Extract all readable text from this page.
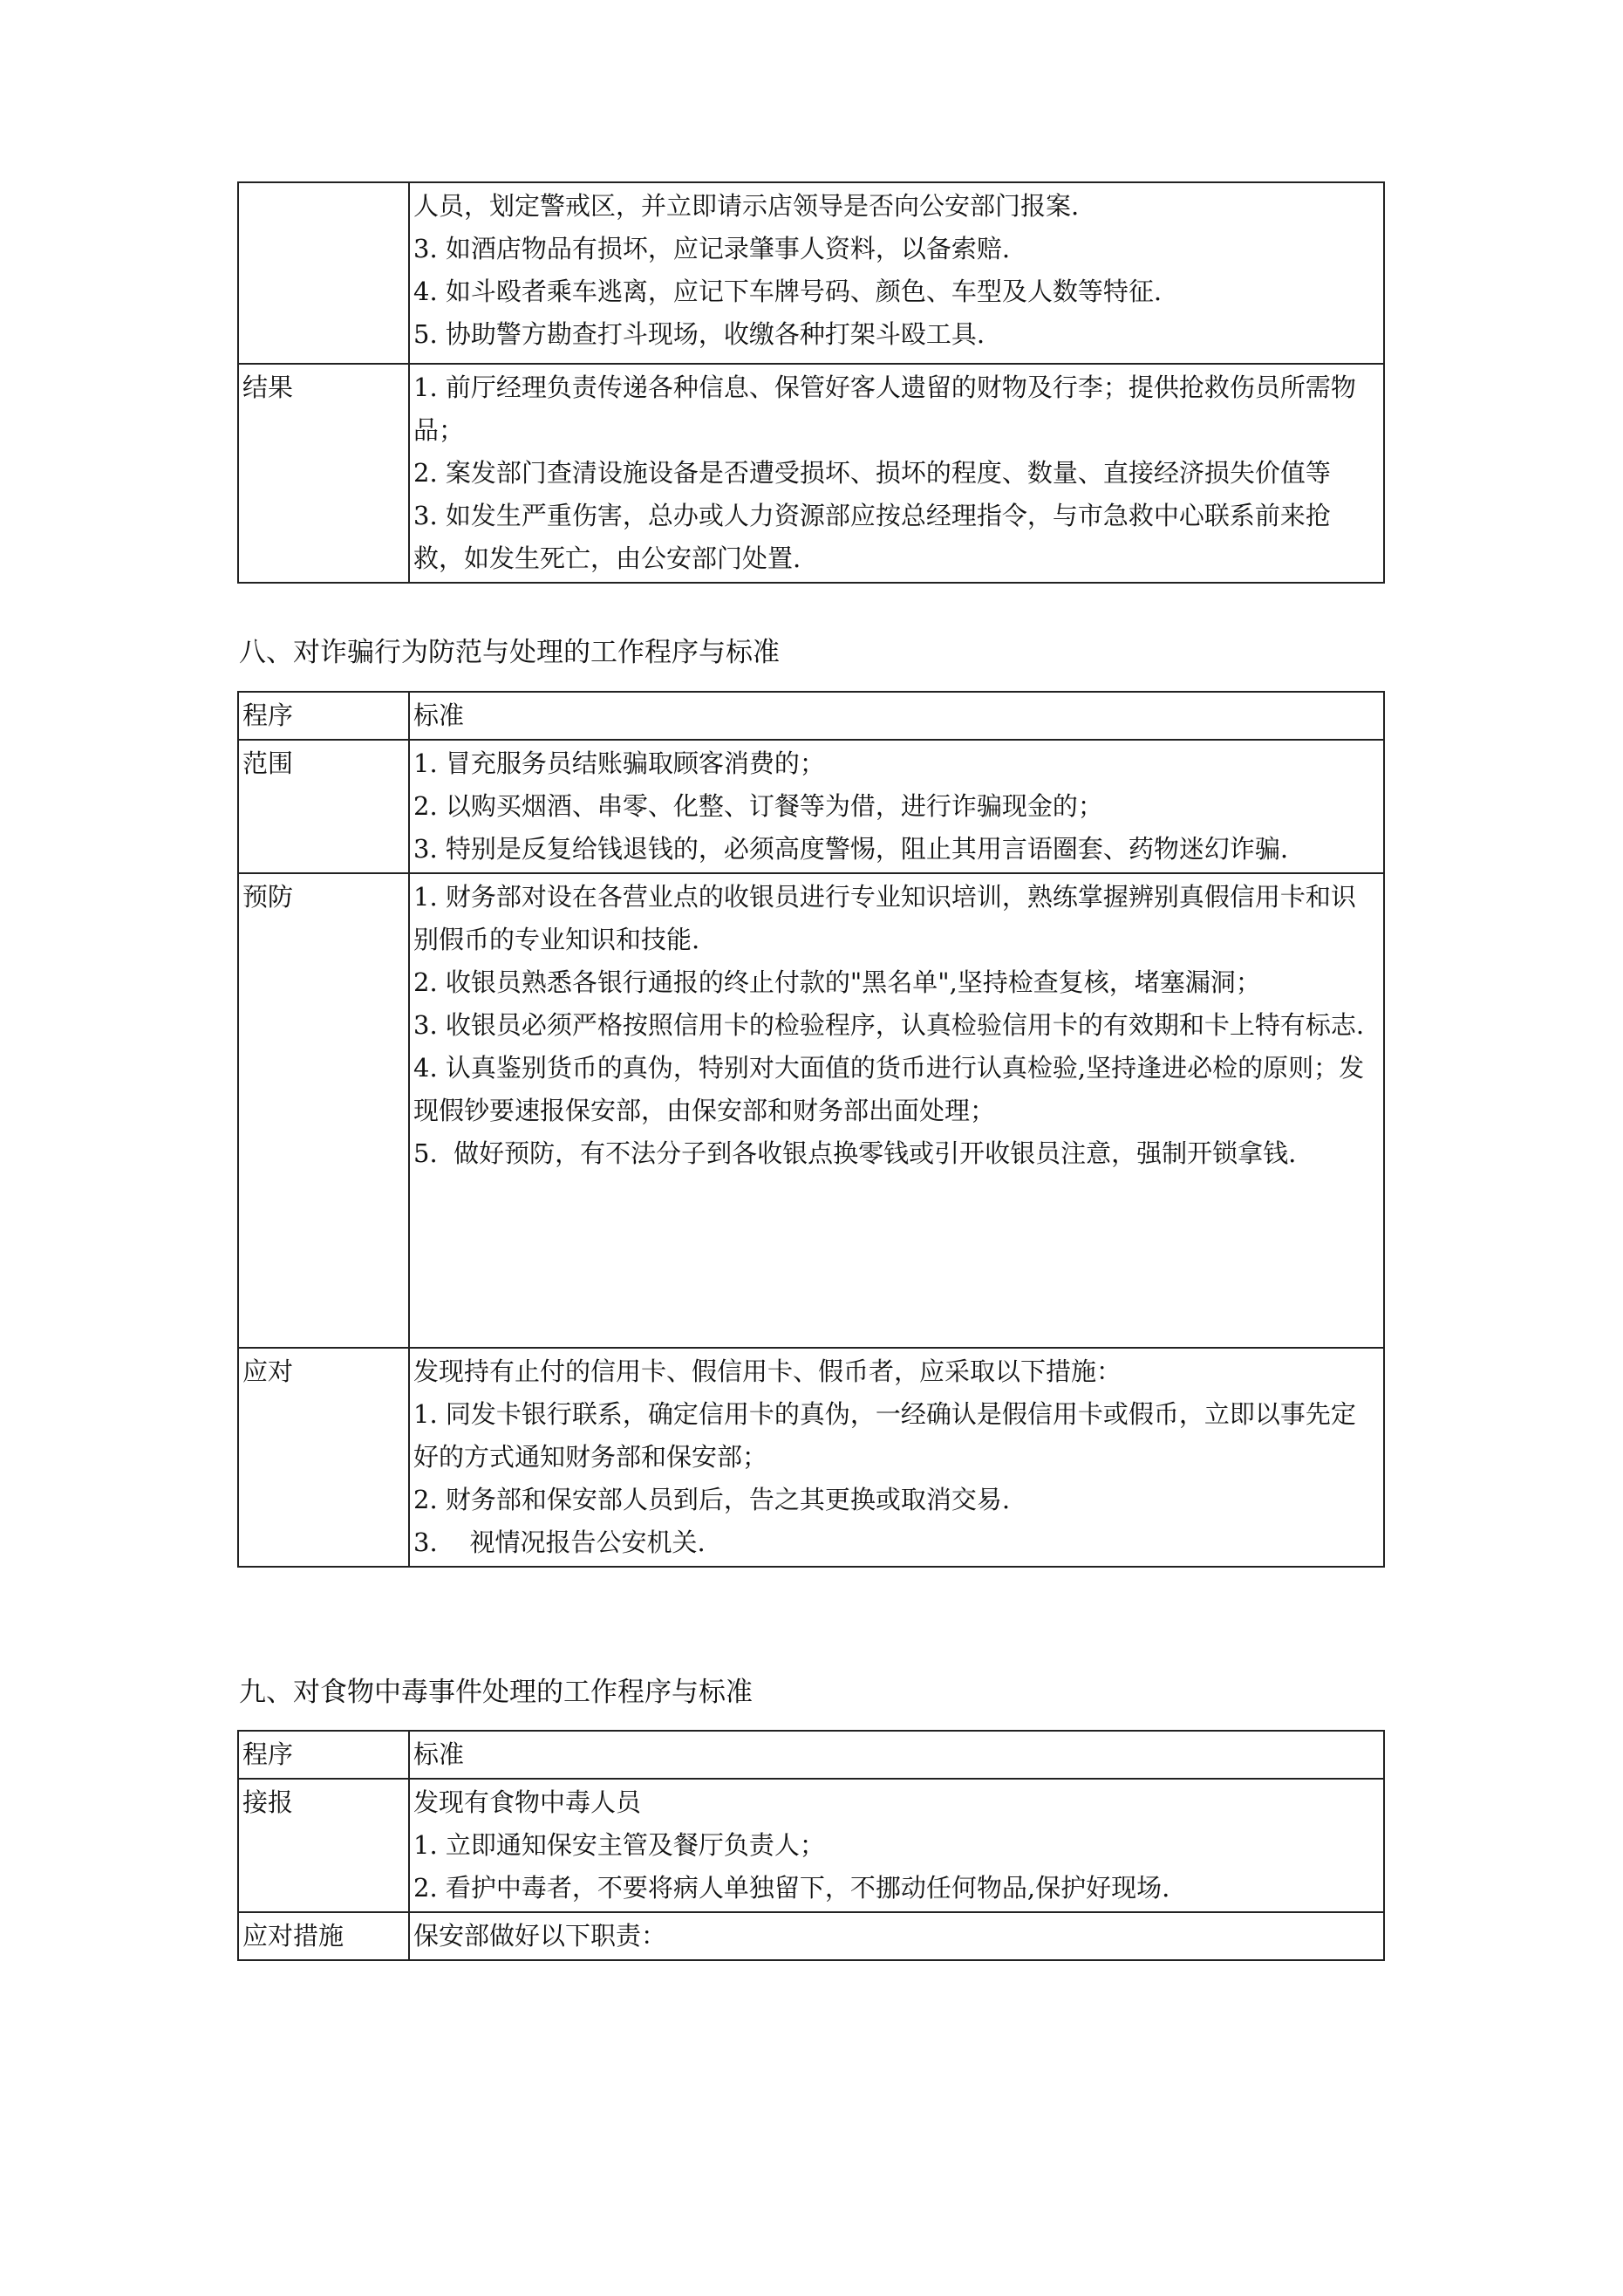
	人员，划定警戒区，并立即请示店领导是否向公安部门报案.
3. 如酒店物品有损坏，应记录肇事人资料，以备索赔.
4. 如斗殴者乘车逃离，应记下车牌号码、颜色、车型及人数等特征.
5. 协助警方勘查打斗现场，收缴各种打架斗殴工具.

结果	1. 前厅经理负责传递各种信息、保管好客人遗留的财物及行李；提供抢救伤员所需物品；
2. 案发部门查清设施设备是否遭受损坏、损坏的程度、数量、直接经济损失价值等
3. 如发生严重伤害，总办或人力资源部应按总经理指令，与市急救中心联系前来抢救，如发生死亡，由公安部门处置.
八、对诈骗行为防范与处理的工作程序与标准
程序	标准
范围	1. 冒充服务员结账骗取顾客消费的；
2. 以购买烟酒、串零、化整、订餐等为借，进行诈骗现金的；
3. 特别是反复给钱退钱的，必须高度警惕，阻止其用言语圈套、药物迷幻诈骗.

预防	1. 财务部对设在各营业点的收银员进行专业知识培训，熟练掌握辨别真假信用卡和识别假币的专业知识和技能.
2. 收银员熟悉各银行通报的终止付款的"黑名单",坚持检查复核，堵塞漏洞；
3. 收银员必须严格按照信用卡的检验程序，认真检验信用卡的有效期和卡上特有标志.
4. 认真鉴别货币的真伪，特别对大面值的货币进行认真检验,坚持逢进必检的原则；发现假钞要速报保安部，由保安部和财务部出面处理；
5.  做好预防，有不法分子到各收银点换零钱或引开收银员注意，强制开锁拿钱.

应对	发现持有止付的信用卡、假信用卡、假币者，应采取以下措施：
1. 同发卡银行联系，确定信用卡的真伪，一经确认是假信用卡或假币，立即以事先定好的方式通知财务部和保安部；
2. 财务部和保安部人员到后，告之其更换或取消交易.
3.    视情况报告公安机关.
九、对食物中毒事件处理的工作程序与标准
程序	标准
接报	发现有食物中毒人员
1. 立即通知保安主管及餐厅负责人；
2. 看护中毒者，不要将病人单独留下，不挪动任何物品,保护好现场.

应对措施	保安部做好以下职责：
